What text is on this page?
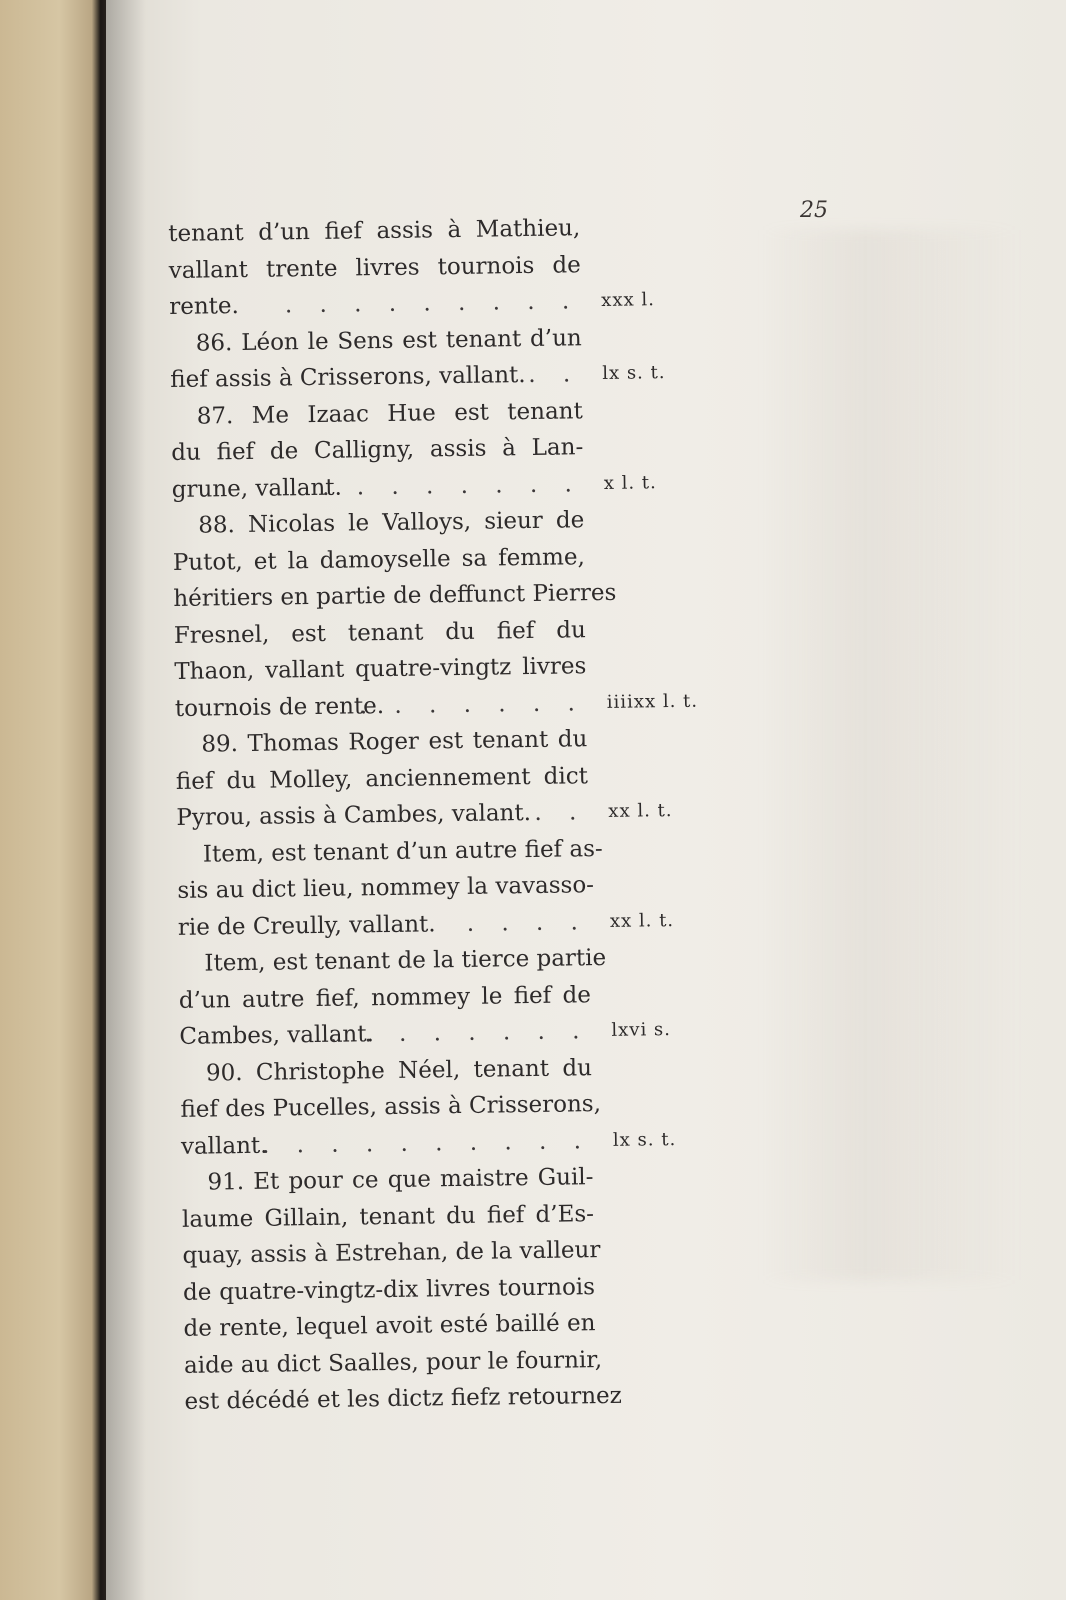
25
tenant d’un fief assis à Mathieu,
vallant trente livres tournois de
rente. . . . . . . . . . xxx l.
86. Léon le Sens est tenant d’un
fief assis à Crisserons, vallant. . . lx s. t.
87. Me Izaac Hue est tenant
du fief de Calligny, assis à Lan-
grune, vallant.
. . . . . . . . x l. t.
88. Nicolas le Valloys, sieur de
Putot, et la damoyselle sa femme,
héritiers en partie de deffunct Pierres
Fresnel, est tenant du fief du
Thaon, vallant quatre-vingtz livres
tournois de rente.
. . . . . . . iiiixx l. t.
89. Thomas Roger est tenant du
fief du Molley, anciennement dict
Pyrou, assis à Cambes, valant. . . xx l. t.
Item, est tenant d’un autre fief as-
sis au dict lieu, nommey la vavasso-
rie de Creully, vallant. . . . . xx l. t.
Item, est tenant de la tierce partie
d’un autre fief, nommey le fief de
Cambes, vallant.
. . . . . . . . lxvi s.
90. Christophe Néel, tenant du
fief des Pucelles, assis à Crisserons,
vallant.
. . . . . . . . . . lx s. t.
91. Et pour ce que maistre Guil-
laume Gillain, tenant du fief d’Es-
quay, assis à Estrehan, de la valleur
de quatre-vingtz-dix livres tournois
de rente, lequel avoit esté baillé en
aide au dict Saalles, pour le fournir,
est décédé et les dictz fiefz retournez
